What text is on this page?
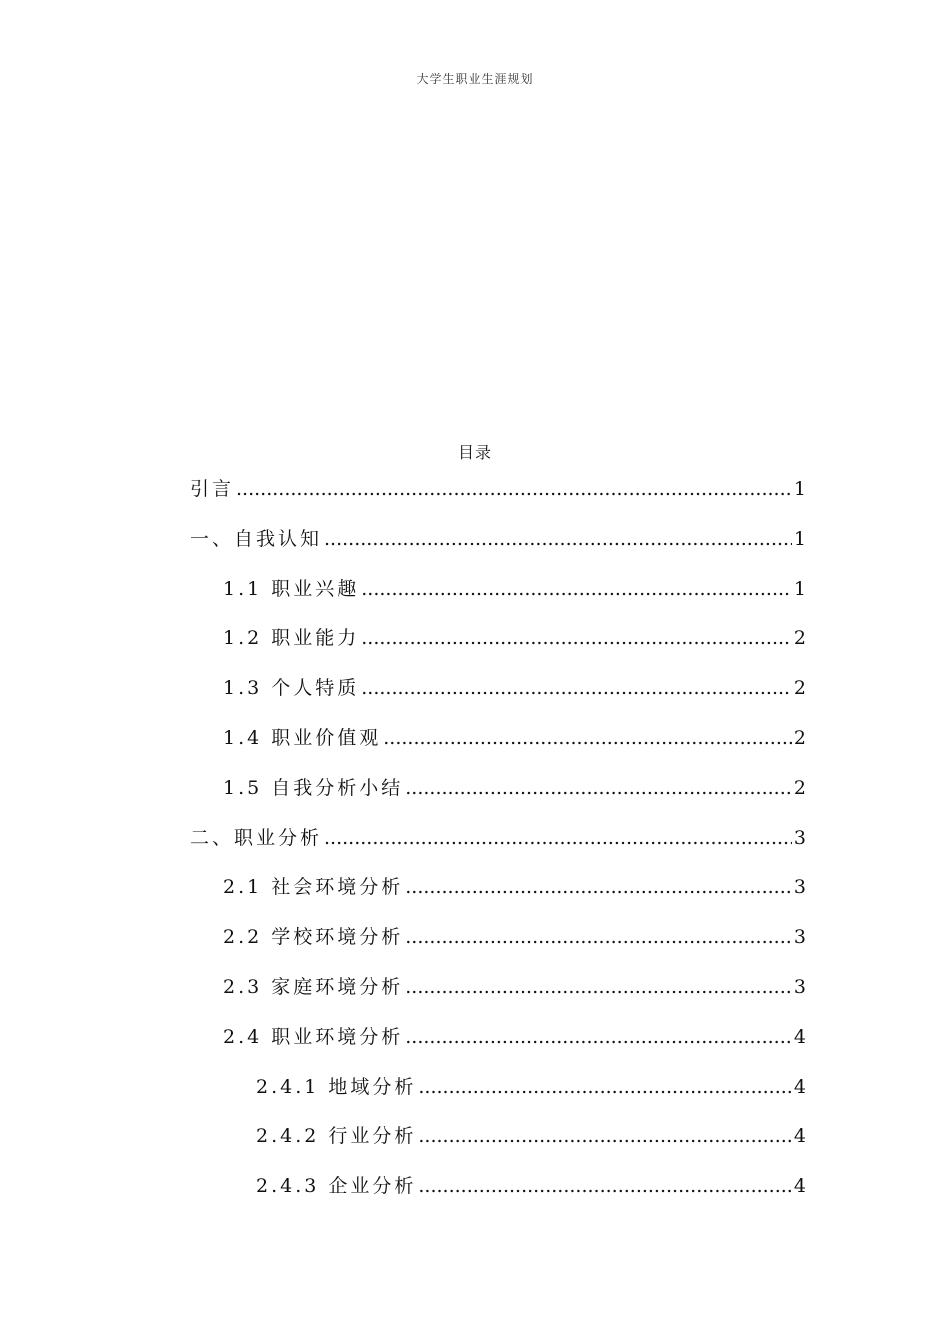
大学生职业生涯规划
目录
引言 .....	1
一、自我认知 .....	1
1.1 职业兴趣 .....	1
1.2 职业能力 .....	2
1.3 个人特质 .....	2
1.4 职业价值观 .....	2
1.5 自我分析小结 .....	2
二、职业分析 .....	3
2.1 社会环境分析 .....	3
2.2 学校环境分析 .....	3
2.3 家庭环境分析 .....	3
2.4 职业环境分析 .....	4
2.4.1 地域分析 .....	4
2.4.2 行业分析 .....	4
2.4.3 企业分析 .....	4
